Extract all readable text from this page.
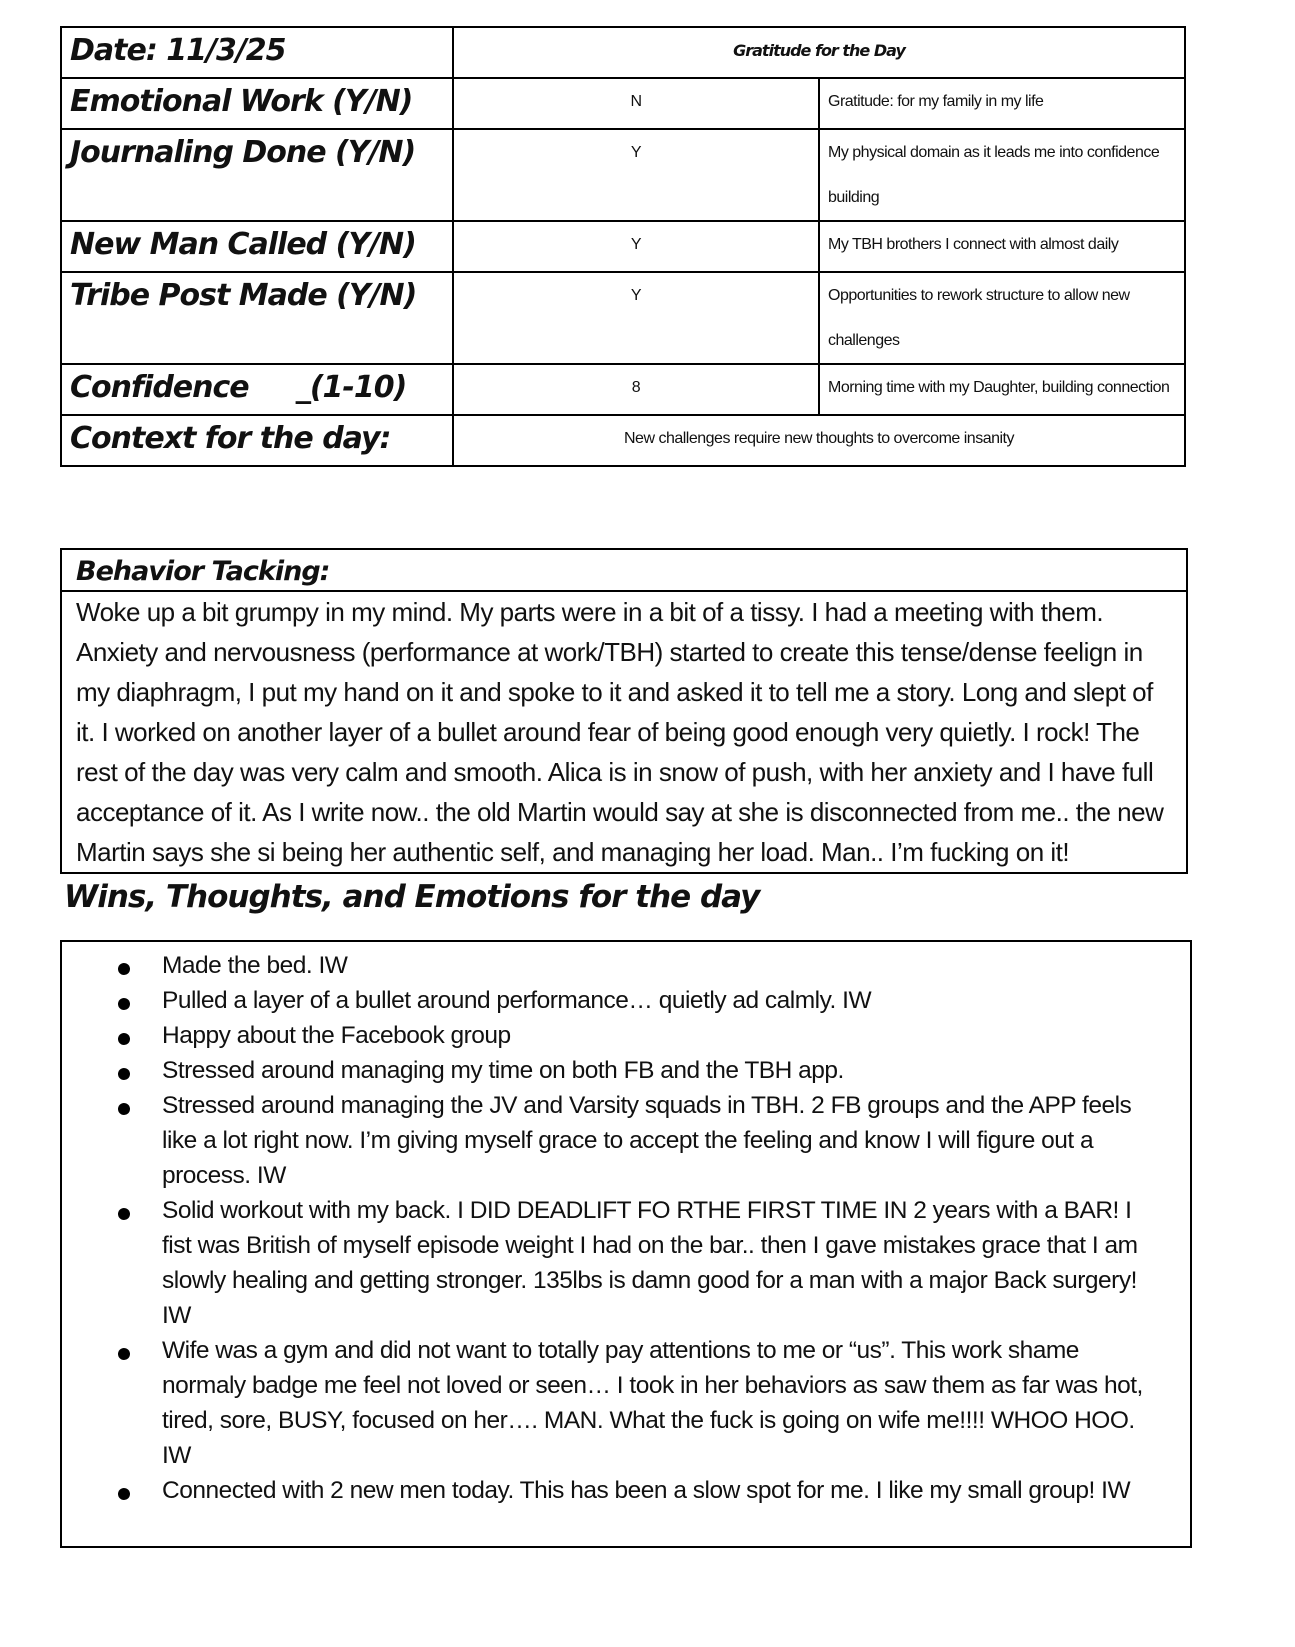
Date: 11/3/25	Gratitude for the Day	
Emotional Work (Y/N)	N	Gratitude: for my family in my life
Journaling Done (Y/N)	Y	My physical domain as it leads me into confidence building
New Man Called (Y/N)	Y	My TBH brothers I connect with almost daily
Tribe Post Made (Y/N)	Y	Opportunities to rework structure to allow new challenges
Confidence     _(1-10)	8	Morning time with my Daughter, building connection
Context for the day:	New challenges require new thoughts to overcome insanity	
Behavior Tacking:
Woke up a bit grumpy in my mind. My parts were in a bit of a tissy. I had a meeting with them. Anxiety and nervousness (performance at work/TBH) started to create this tense/dense feelign in my diaphragm, I put my hand on it and spoke to it and asked it to tell me a story. Long and slept of it. I worked on another layer of a bullet around fear of being good enough very quietly. I rock! The rest of the day was very calm and smooth. Alica is in snow of push, with her anxiety and I have full acceptance of it. As I write now.. the old Martin would say at she is disconnected from me.. the new Martin says she si being her authentic self, and managing her load. Man.. I’m fucking on it!
Wins, Thoughts, and Emotions for the day
Made the bed. IW
Pulled a layer of a bullet around performance… quietly ad calmly. IW
Happy about the Facebook group
Stressed around managing my time on both FB and the TBH app.
Stressed around managing the JV and Varsity squads in TBH. 2 FB groups and the APP feels like a lot right now. I’m giving myself grace to accept the feeling and know I will figure out a process. IW
Solid workout with my back. I DID DEADLIFT FO RTHE FIRST TIME IN 2 years with a BAR! I fist was British of myself episode weight I had on the bar.. then I gave mistakes grace that I am slowly healing and getting stronger. 135lbs is damn good for a man with a major Back surgery! IW
Wife was a gym and did not want to totally pay attentions to me or “us”. This work shame normaly badge me feel not loved or seen… I took in her behaviors as saw them as far was hot, tired, sore, BUSY, focused on her…. MAN. What the fuck is going on wife me!!!! WHOO HOO. IW
Connected with 2 new men today. This has been a slow spot for me. I like my small group! IW
